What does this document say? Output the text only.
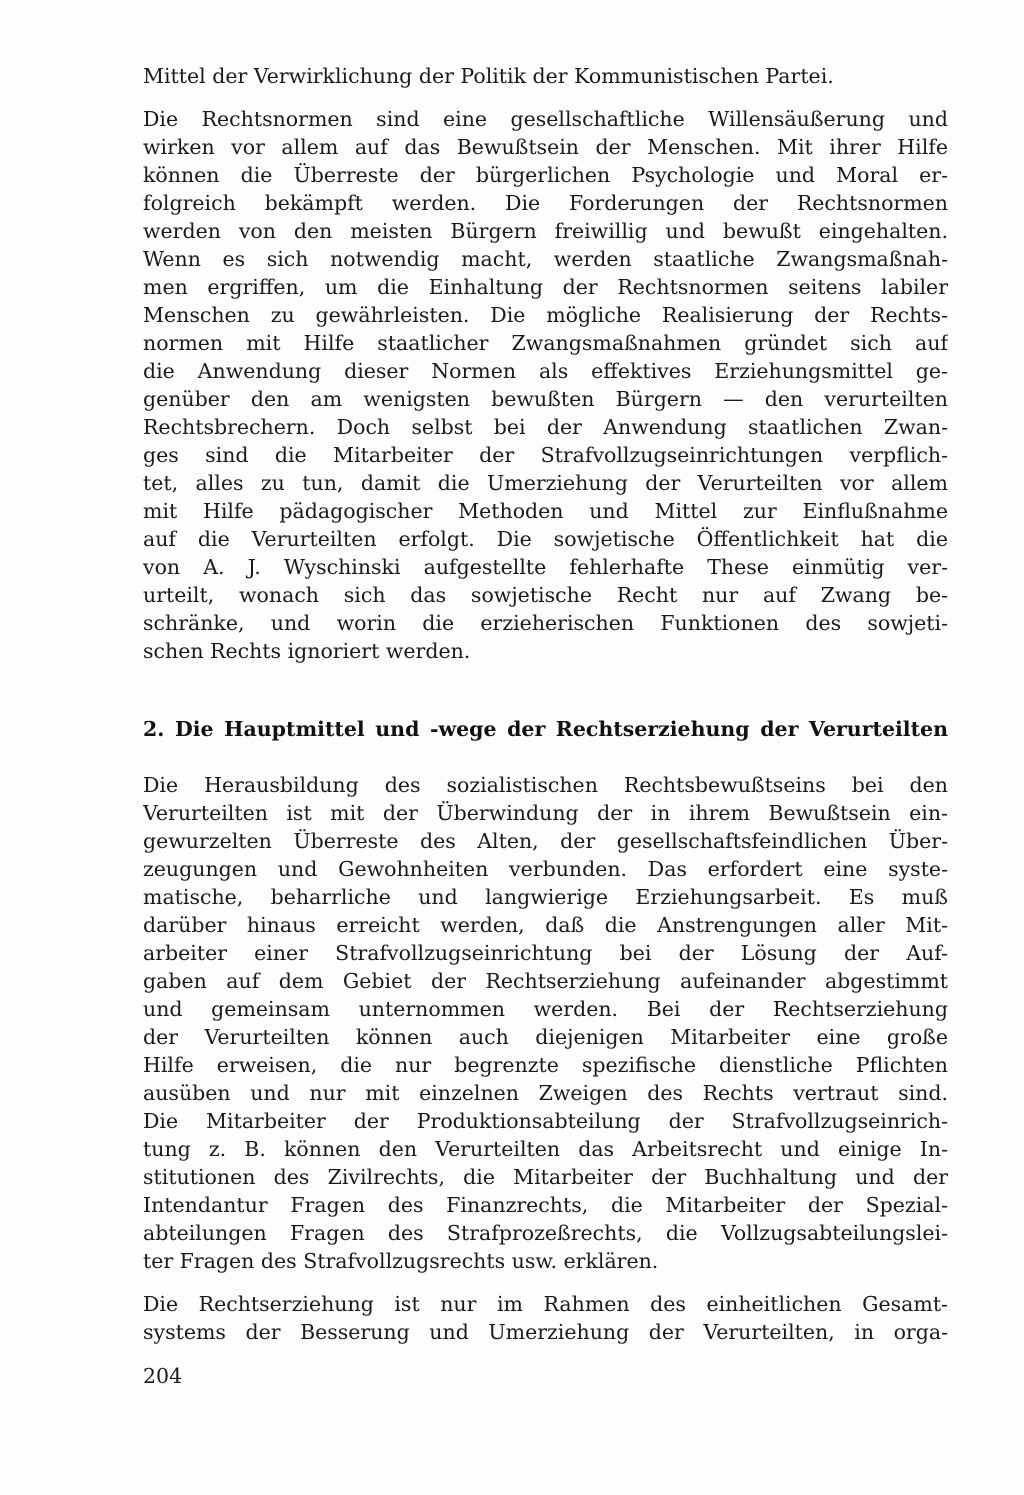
Mittel der Verwirklichung der Politik der Kommunistischen Partei.
Die Rechtsnormen sind eine gesellschaftliche Willensäußerung und
wirken vor allem auf das Bewußtsein der Menschen. Mit ihrer Hilfe
können die Überreste der bürgerlichen Psychologie und Moral er-
folgreich bekämpft werden. Die Forderungen der Rechtsnormen
werden von den meisten Bürgern freiwillig und bewußt eingehalten.
Wenn es sich notwendig macht, werden staatliche Zwangsmaßnah-
men ergriffen, um die Einhaltung der Rechtsnormen seitens labiler
Menschen zu gewährleisten. Die mögliche Realisierung der Rechts-
normen mit Hilfe staatlicher Zwangsmaßnahmen gründet sich auf
die Anwendung dieser Normen als effektives Erziehungsmittel ge-
genüber den am wenigsten bewußten Bürgern — den verurteilten
Rechtsbrechern. Doch selbst bei der Anwendung staatlichen Zwan-
ges sind die Mitarbeiter der Strafvollzugseinrichtungen verpflich-
tet, alles zu tun, damit die Umerziehung der Verurteilten vor allem
mit Hilfe pädagogischer Methoden und Mittel zur Einflußnahme
auf die Verurteilten erfolgt. Die sowjetische Öffentlichkeit hat die
von A. J. Wyschinski aufgestellte fehlerhafte These einmütig ver-
urteilt, wonach sich das sowjetische Recht nur auf Zwang be-
schränke, und worin die erzieherischen Funktionen des sowjeti-
schen Rechts ignoriert werden.
2. Die Hauptmittel und -wege der Rechtserziehung der Verurteilten
Die Herausbildung des sozialistischen Rechtsbewußtseins bei den
Verurteilten ist mit der Überwindung der in ihrem Bewußtsein ein-
gewurzelten Überreste des Alten, der gesellschaftsfeindlichen Über-
zeugungen und Gewohnheiten verbunden. Das erfordert eine syste-
matische, beharrliche und langwierige Erziehungsarbeit. Es muß
darüber hinaus erreicht werden, daß die Anstrengungen aller Mit-
arbeiter einer Strafvollzugseinrichtung bei der Lösung der Auf-
gaben auf dem Gebiet der Rechtserziehung aufeinander abgestimmt
und gemeinsam unternommen werden. Bei der Rechtserziehung
der Verurteilten können auch diejenigen Mitarbeiter eine große
Hilfe erweisen, die nur begrenzte spezifische dienstliche Pflichten
ausüben und nur mit einzelnen Zweigen des Rechts vertraut sind.
Die Mitarbeiter der Produktionsabteilung der Strafvollzugseinrich-
tung z. B. können den Verurteilten das Arbeitsrecht und einige In-
stitutionen des Zivilrechts, die Mitarbeiter der Buchhaltung und der
Intendantur Fragen des Finanzrechts, die Mitarbeiter der Spezial-
abteilungen Fragen des Strafprozeßrechts, die Vollzugsabteilungslei-
ter Fragen des Strafvollzugsrechts usw. erklären.
Die Rechtserziehung ist nur im Rahmen des einheitlichen Gesamt-
systems der Besserung und Umerziehung der Verurteilten, in orga-
204
